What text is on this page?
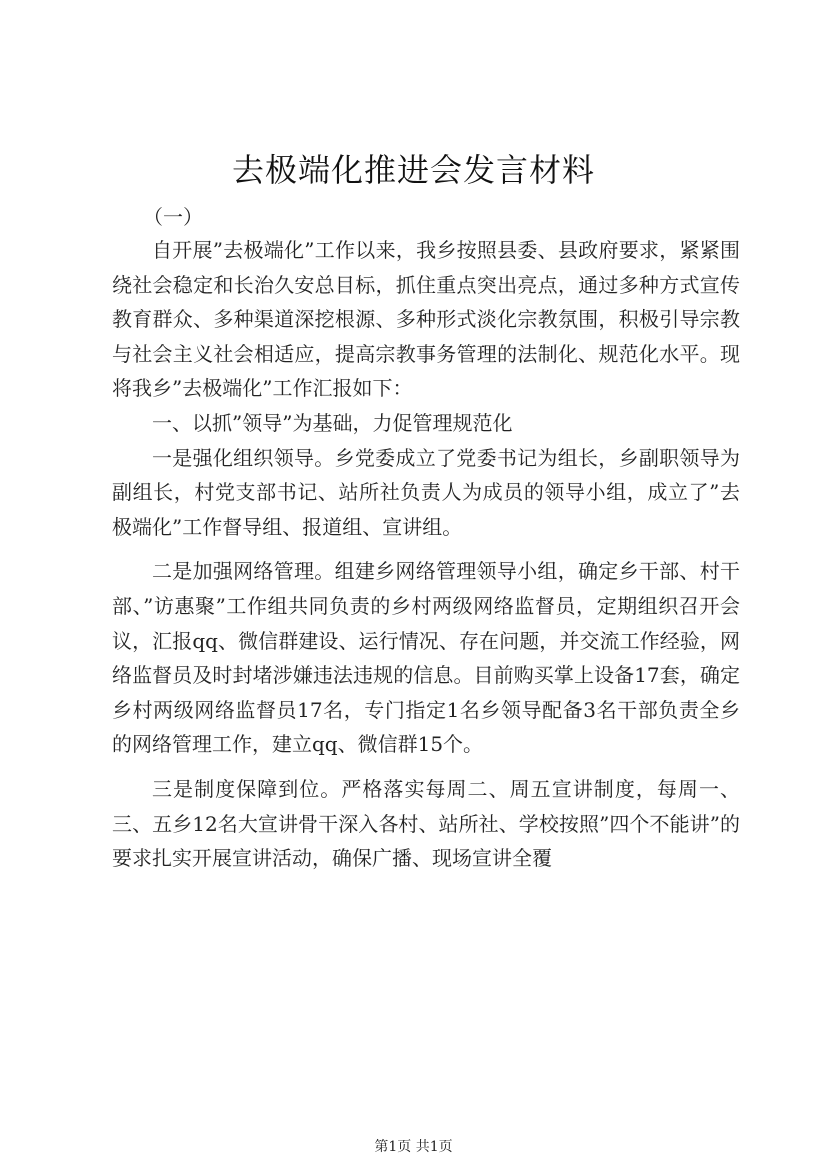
去极端化推进会发言材料
（一）

自开展”去极端化”工作以来，我乡按照县委、县政府要求，紧紧围绕社会稳定和长治久安总目标，抓住重点突出亮点，通过多种方式宣传教育群众、多种渠道深挖根源、多种形式淡化宗教氛围，积极引导宗教与社会主义社会相适应，提高宗教事务管理的法制化、规范化水平。现将我乡”去极端化”工作汇报如下：

一、以抓”领导”为基础，力促管理规范化

一是强化组织领导。乡党委成立了党委书记为组长，乡副职领导为副组长，村党支部书记、站所社负责人为成员的领导小组，成立了”去极端化”工作督导组、报道组、宣讲组。

二是加强网络管理。组建乡网络管理领导小组，确定乡干部、村干部、”访惠聚”工作组共同负责的乡村两级网络监督员，定期组织召开会议，汇报qq、微信群建设、运行情况、存在问题，并交流工作经验，网络监督员及时封堵涉嫌违法违规的信息。目前购买掌上设备17套，确定乡村两级网络监督员17名，专门指定1名乡领导配备3名干部负责全乡的网络管理工作，建立qq、微信群15个。

三是制度保障到位。严格落实每周二、周五宣讲制度，每周一、三、五乡12名大宣讲骨干深入各村、站所社、学校按照”四个不能讲”的要求扎实开展宣讲活动，确保广播、现场宣讲全覆

第1页 共1页
